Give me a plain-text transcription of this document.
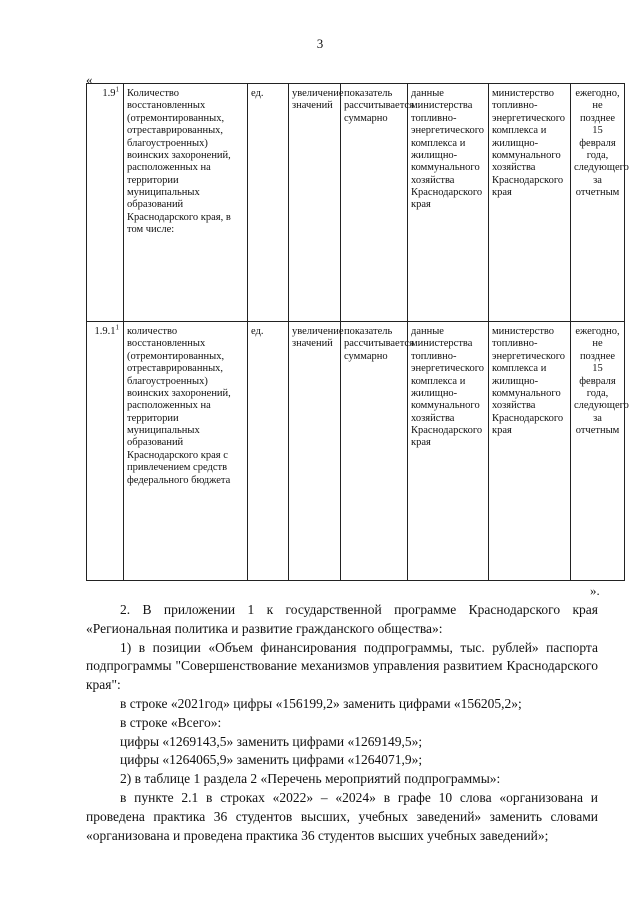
3
«
$1.9^1$	Количество восстановленных (отремонтированных, отреставрированных, благоустроенных) воинских захоронений, расположенных на территории муниципальных образований Краснодарского края, в том числе:	ед.	увеличение значений	показатель рассчитывается суммарно	данные министерства топливно-энергетического комплекса и жилищно-коммунального хозяйства Краснодарского края	министерство топливно-энергетического комплекса и жилищно-коммунального хозяйства Краснодарского края	ежегодно, не позднее 15 февраля года, следующего за отчетным
1.9.1$^1$	количество восстановленных (отремонтированных, отреставрированных, благоустроенных) воинских захоронений, расположенных на территории муниципальных образований Краснодарского края с привлечением средств федерального бюджета	ед.	увеличение значений	показатель рассчитывается суммарно	данные министерства топливно-энергетического комплекса и жилищно-коммунального хозяйства Краснодарского края	министерство топливно-энергетического комплекса и жилищно-коммунального хозяйства Краснодарского края	ежегодно, не позднее 15 февраля года, следующего за отчетным
».

2. В приложении 1 к государственной программе Краснодарского края «Региональная политика и развитие гражданского общества»:

1) в позиции «Объем финансирования подпрограммы, тыс. рублей» паспорта подпрограммы "Совершенствование механизмов управления развитием Краснодарского края":

в строке «2021год» цифры «156199,2» заменить цифрами «156205,2»;

в строке «Всего»:

цифры «1269143,5» заменить цифрами «1269149,5»;

цифры «1264065,9» заменить цифрами «1264071,9»;

2) в таблице 1 раздела 2 «Перечень мероприятий подпрограммы»:

в пункте 2.1 в строках «2022» – «2024» в графе 10 слова «организована и проведена практика 36 студентов высших, учебных заведений» заменить словами «организована и проведена практика 36 студентов высших учебных заведений»;
